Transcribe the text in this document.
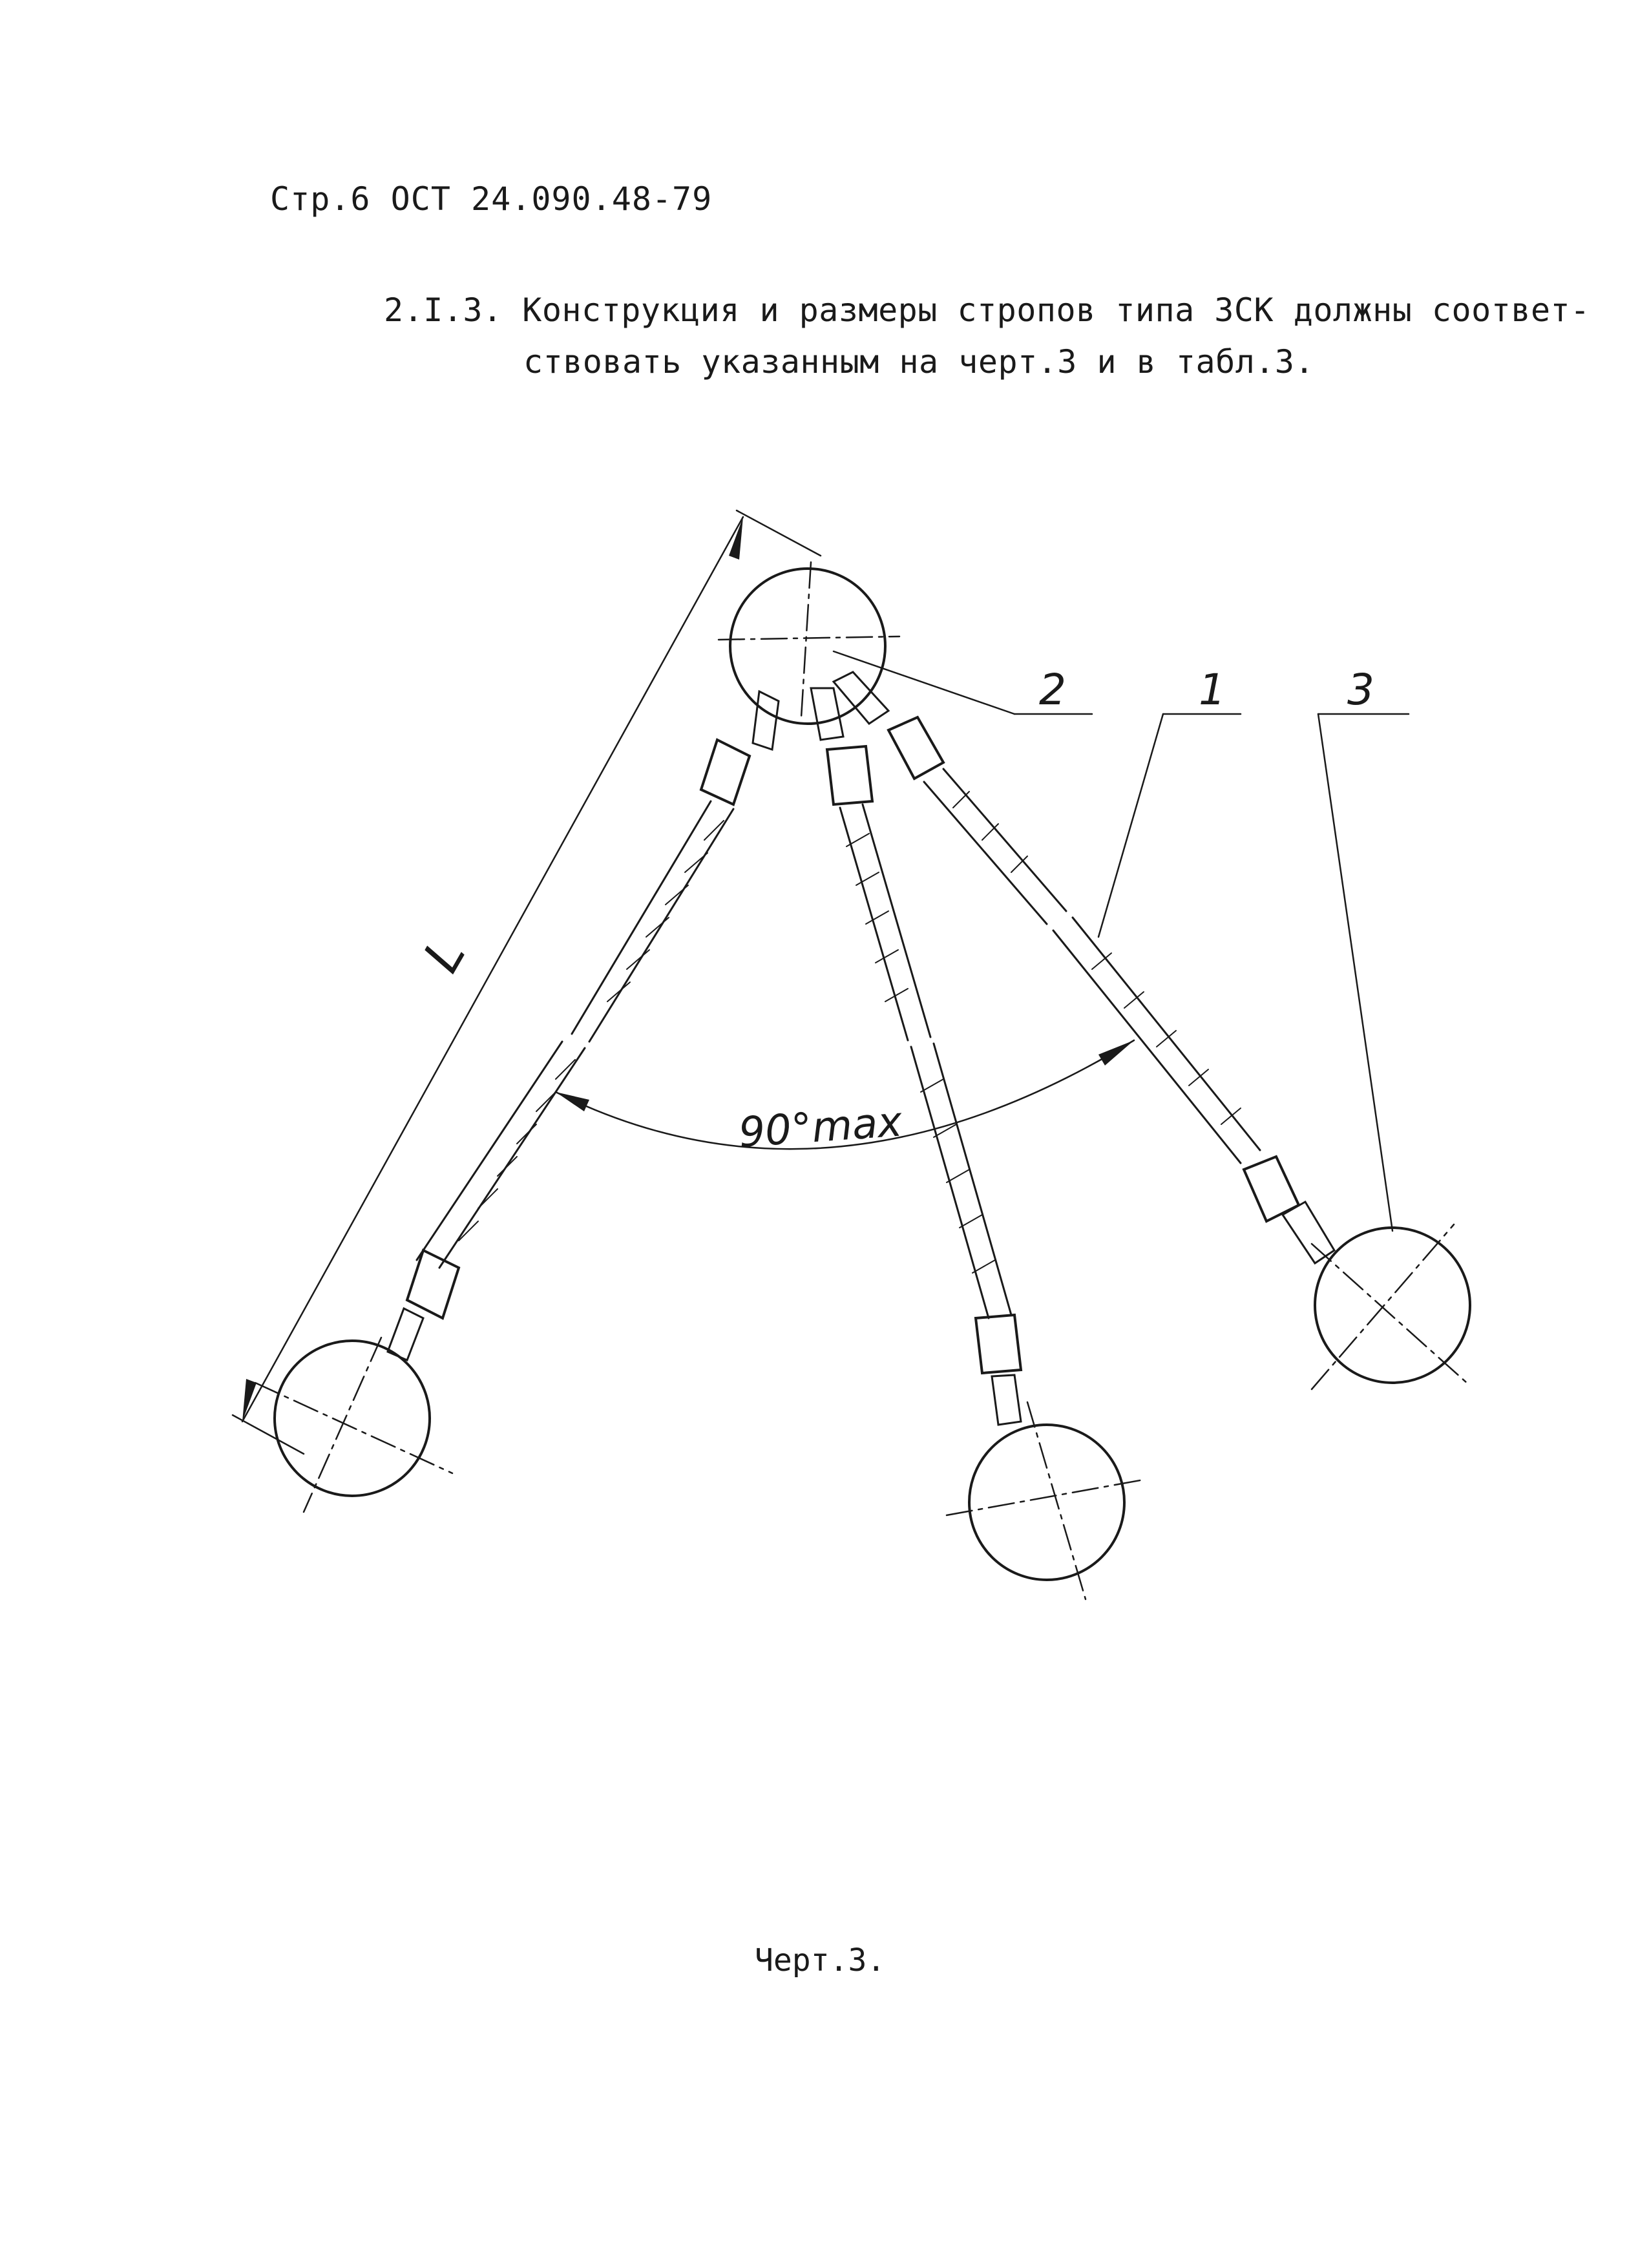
Стр.6 ОСТ 24.090.48-79
2.I.3. Конструкция и размеры стропов типа 3СК должны соответ-
ствовать указанным на черт.3 и в табл.3.
L
90°max
2	1	3
Черт.3.
